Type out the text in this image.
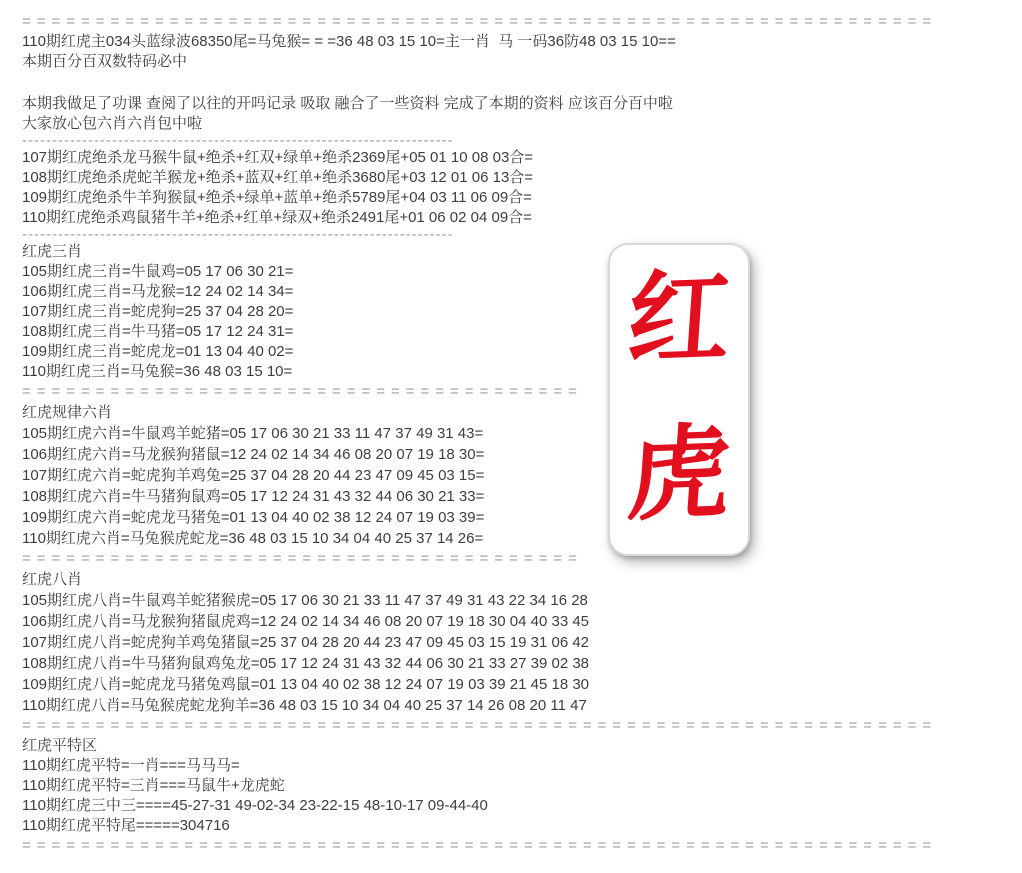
==============================================================
110期红虎主034头蓝绿波68350尾=马兔猴= = =36 48 03 15 10=主一肖  马 一码36防48 03 15 10==
本期百分百双数特码必中
本期我做足了功课 查阅了以往的开吗记录 吸取 融合了一些资料 完成了本期的资料 应该百分百中啦
大家放心包六肖六肖包中啦
------------------------------------------------------------------------
107期红虎绝杀龙马猴牛鼠+绝杀+红双+绿单+绝杀2369尾+05 01 10 08 03合=
108期红虎绝杀虎蛇羊猴龙+绝杀+蓝双+红单+绝杀3680尾+03 12 01 06 13合=
109期红虎绝杀牛羊狗猴鼠+绝杀+绿单+蓝单+绝杀5789尾+04 03 11 06 09合=
110期红虎绝杀鸡鼠猪牛羊+绝杀+红单+绿双+绝杀2491尾+01 06 02 04 09合=
------------------------------------------------------------------------
红虎三肖
105期红虎三肖=牛鼠鸡=05 17 06 30 21=
106期红虎三肖=马龙猴=12 24 02 14 34=
107期红虎三肖=蛇虎狗=25 37 04 28 20=
108期红虎三肖=牛马猪=05 17 12 24 31=
109期红虎三肖=蛇虎龙=01 13 04 40 02=
110期红虎三肖=马兔猴=36 48 03 15 10=
======================================
红虎规律六肖
105期红虎六肖=牛鼠鸡羊蛇猪=05 17 06 30 21 33 11 47 37 49 31 43=
106期红虎六肖=马龙猴狗猪鼠=12 24 02 14 34 46 08 20 07 19 18 30=
107期红虎六肖=蛇虎狗羊鸡兔=25 37 04 28 20 44 23 47 09 45 03 15=
108期红虎六肖=牛马猪狗鼠鸡=05 17 12 24 31 43 32 44 06 30 21 33=
109期红虎六肖=蛇虎龙马猪兔=01 13 04 40 02 38 12 24 07 19 03 39=
110期红虎六肖=马兔猴虎蛇龙=36 48 03 15 10 34 04 40 25 37 14 26=
======================================
红虎八肖
105期红虎八肖=牛鼠鸡羊蛇猪猴虎=05 17 06 30 21 33 11 47 37 49 31 43 22 34 16 28
106期红虎八肖=马龙猴狗猪鼠虎鸡=12 24 02 14 34 46 08 20 07 19 18 30 04 40 33 45
107期红虎八肖=蛇虎狗羊鸡兔猪鼠=25 37 04 28 20 44 23 47 09 45 03 15 19 31 06 42
108期红虎八肖=牛马猪狗鼠鸡兔龙=05 17 12 24 31 43 32 44 06 30 21 33 27 39 02 38
109期红虎八肖=蛇虎龙马猪兔鸡鼠=01 13 04 40 02 38 12 24 07 19 03 39 21 45 18 30
110期红虎八肖=马兔猴虎蛇龙狗羊=36 48 03 15 10 34 04 40 25 37 14 26 08 20 11 47
==============================================================
红虎平特区
110期红虎平特=一肖===马马马=
110期红虎平特=三肖===马鼠牛+龙虎蛇
110期红虎三中三====45-27-31 49-02-34 23-22-15 48-10-17 09-44-40
110期红虎平特尾=====304716
==============================================================
红
虎
